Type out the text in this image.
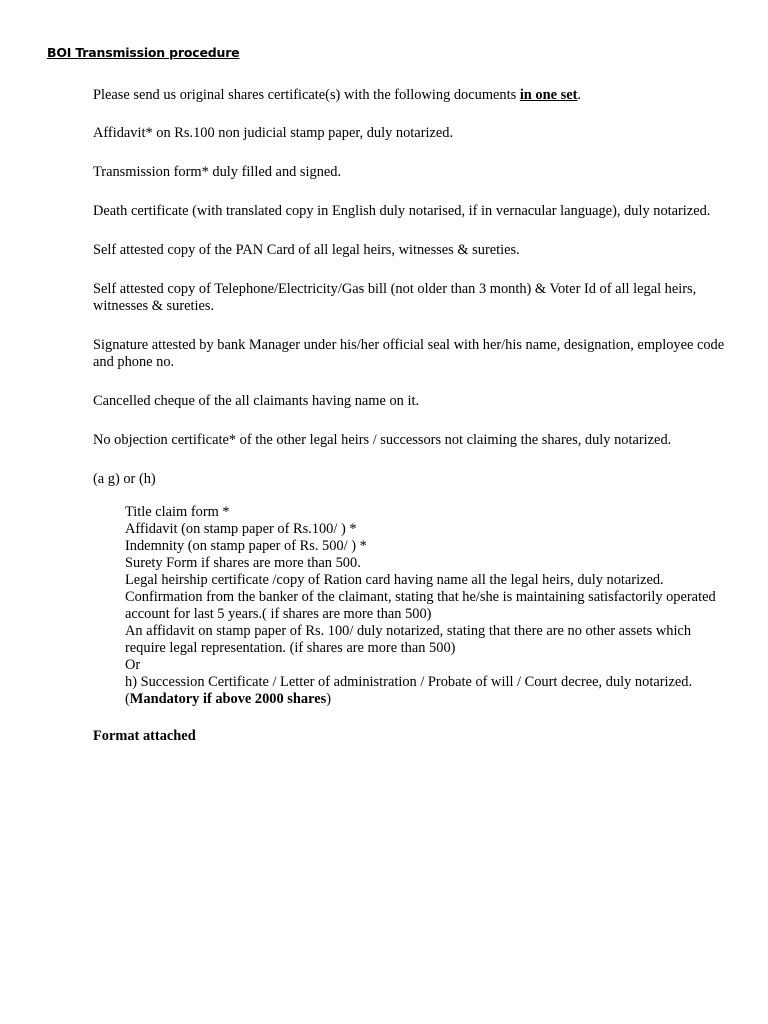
BOI Transmission procedure

Please send us original shares certificate(s) with the following documents in one set.

Affidavit* on Rs.100 non judicial stamp paper, duly notarized.

Transmission form* duly filled and signed.

Death certificate (with translated copy in English duly notarised, if in vernacular language), duly notarized.

Self attested copy of the PAN Card of all legal heirs, witnesses & sureties.

Self attested copy of Telephone/Electricity/Gas bill (not older than 3 month) & Voter Id of all legal heirs, witnesses & sureties.

Signature attested by bank Manager under his/her official seal with her/his name, designation, employee code and phone no.

Cancelled cheque of the all claimants having name on it.

No objection certificate* of the other legal heirs / successors not claiming the shares, duly notarized.

(a g) or (h)

Title claim form *
Affidavit (on stamp paper of Rs.100/ ) *
Indemnity (on stamp paper of Rs. 500/ ) *
Surety Form if shares are more than 500.
Legal heirship certificate /copy of Ration card having name all the legal heirs, duly notarized.
Confirmation from the banker of the claimant, stating that he/she is maintaining satisfactorily operated account for last 5 years.( if shares are more than 500)
An affidavit on stamp paper of Rs. 100/ duly notarized, stating that there are no other assets which require legal representation. (if shares are more than 500)
Or
h) Succession Certificate / Letter of administration / Probate of will / Court decree, duly notarized. (Mandatory if above 2000 shares)

Format attached
